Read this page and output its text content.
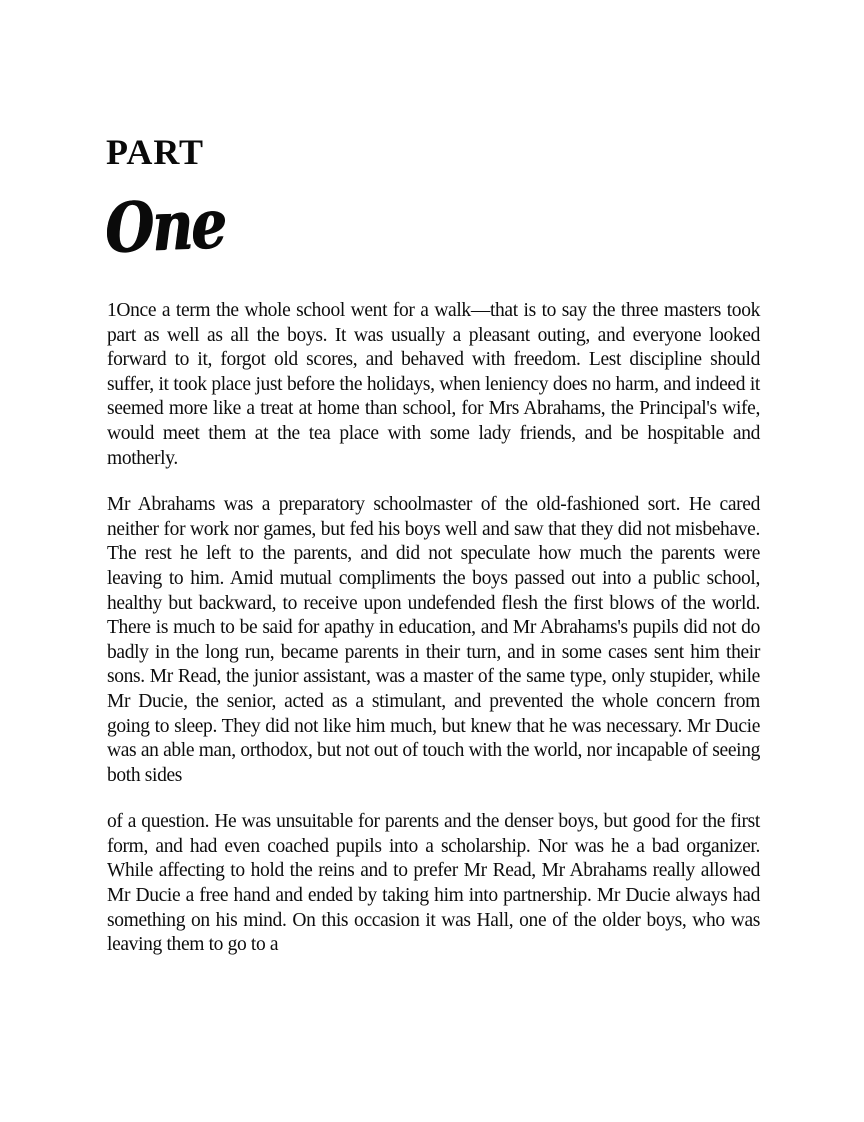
PART
One

1Once a term the whole school went for a walk—that is to say the three masters took part as well as all the boys. It was usually a pleasant outing, and everyone looked forward to it, forgot old scores, and behaved with freedom. Lest discipline should suffer, it took place just before the holidays, when leniency does no harm, and indeed it seemed more like a treat at home than school, for Mrs Abrahams, the Principal's wife, would meet them at the tea place with some lady friends, and be hospitable and motherly.

Mr Abrahams was a preparatory schoolmaster of the old-fashioned sort. He cared neither for work nor games, but fed his boys well and saw that they did not misbehave. The rest he left to the parents, and did not speculate how much the parents were leaving to him. Amid mutual compliments the boys passed out into a public school, healthy but backward, to receive upon undefended flesh the first blows of the world. There is much to be said for apathy in education, and Mr Abrahams's pupils did not do badly in the long run, became parents in their turn, and in some cases sent him their sons. Mr Read, the junior assistant, was a master of the same type, only stupider, while Mr Ducie, the senior, acted as a stimulant, and prevented the whole concern from going to sleep. They did not like him much, but knew that he was necessary. Mr Ducie was an able man, orthodox, but not out of touch with the world, nor incapable of seeing both sides

of a question. He was unsuitable for parents and the denser boys, but good for the first form, and had even coached pupils into a scholarship. Nor was he a bad organizer. While affecting to hold the reins and to prefer Mr Read, Mr Abrahams really allowed Mr Ducie a free hand and ended by taking him into partnership. Mr Ducie always had something on his mind. On this occasion it was Hall, one of the older boys, who was leaving them to go to a
